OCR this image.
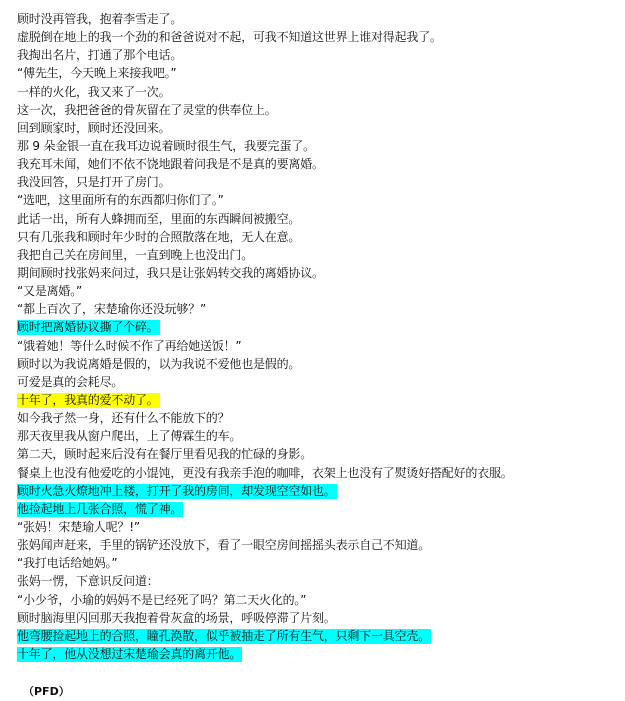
顾时没再管我，抱着李雪走了。
虚脱倒在地上的我一个劲的和爸爸说对不起，可我不知道这世界上谁对得起我了。
我掏出名片，打通了那个电话。
“傅先生，今天晚上来接我吧。”
一样的火化，我又来了一次。
这一次，我把爸爸的骨灰留在了灵堂的供奉位上。
回到顾家时，顾时还没回来。
那 9 朵金银一直在我耳边说着顾时很生气，我要完蛋了。
我充耳未闻，她们不依不饶地跟着问我是不是真的要离婚。
我没回答，只是打开了房门。
“选吧，这里面所有的东西都归你们了。”
此话一出，所有人蜂拥而至，里面的东西瞬间被搬空。
只有几张我和顾时年少时的合照散落在地，无人在意。
我把自己关在房间里，一直到晚上也没出门。
期间顾时找张妈来问过，我只是让张妈转交我的离婚协议。
“又是离婚。”
“都上百次了，宋楚瑜你还没玩够？”
顾时把离婚协议撕了个碎。
“饿着她！等什么时候不作了再给她送饭！”
顾时以为我说离婚是假的，以为我说不爱他也是假的。
可爱是真的会耗尽。
十年了，我真的爱不动了。
如今我孑然一身，还有什么不能放下的？
那天夜里我从窗户爬出，上了傅霖生的车。
第二天，顾时起来后没有在餐厅里看见我的忙碌的身影。
餐桌上也没有他爱吃的小馄饨，更没有我亲手泡的咖啡，衣架上也没有了熨烫好搭配好的衣服。
顾时火急火燎地冲上楼，打开了我的房间，却发现空空如也。
他捡起地上几张合照，慌了神。
“张妈！宋楚瑜人呢？!”
张妈闻声赶来，手里的锅铲还没放下，看了一眼空房间摇摇头表示自己不知道。
“我打电话给她妈。”
张妈一愣，下意识反问道：
“小少爷，小瑜的妈妈不是已经死了吗？第二天火化的。”
顾时脑海里闪回那天我抱着骨灰盒的场景，呼吸停滞了片刻。
他弯腰捡起地上的合照，瞳孔涣散，似乎被抽走了所有生气，只剩下一具空壳。
十年了，他从没想过宋楚瑜会真的离开他。
（PFD）
